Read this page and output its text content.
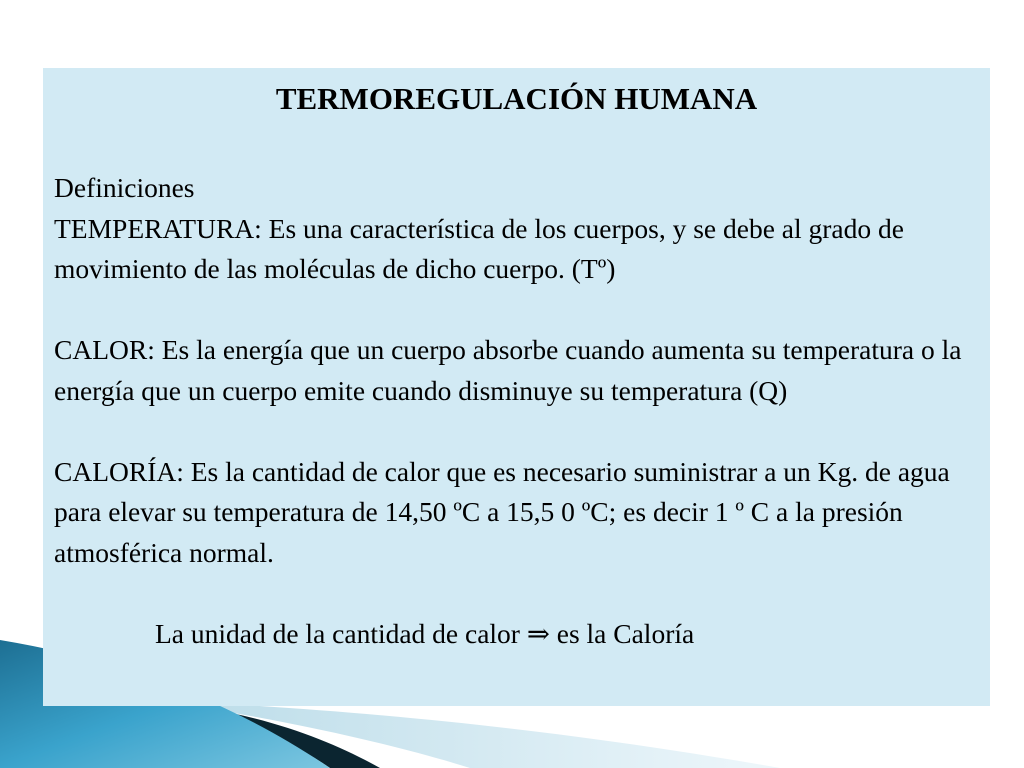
TERMOREGULACIÓN HUMANA

Definiciones

TEMPERATURA: Es una característica de los cuerpos, y se debe al grado de movimiento de las moléculas de dicho cuerpo. (Tº)

CALOR: Es la energía que un cuerpo absorbe cuando aumenta su temperatura o la energía que un cuerpo emite cuando disminuye su temperatura (Q)

CALORÍA: Es la cantidad de calor que es necesario suministrar a un Kg. de agua para elevar su temperatura de 14,50 ºC a 15,5 0 ºC; es decir 1 º C a la presión atmosférica normal.

La unidad de la cantidad de calor ⇒ es la Caloría
